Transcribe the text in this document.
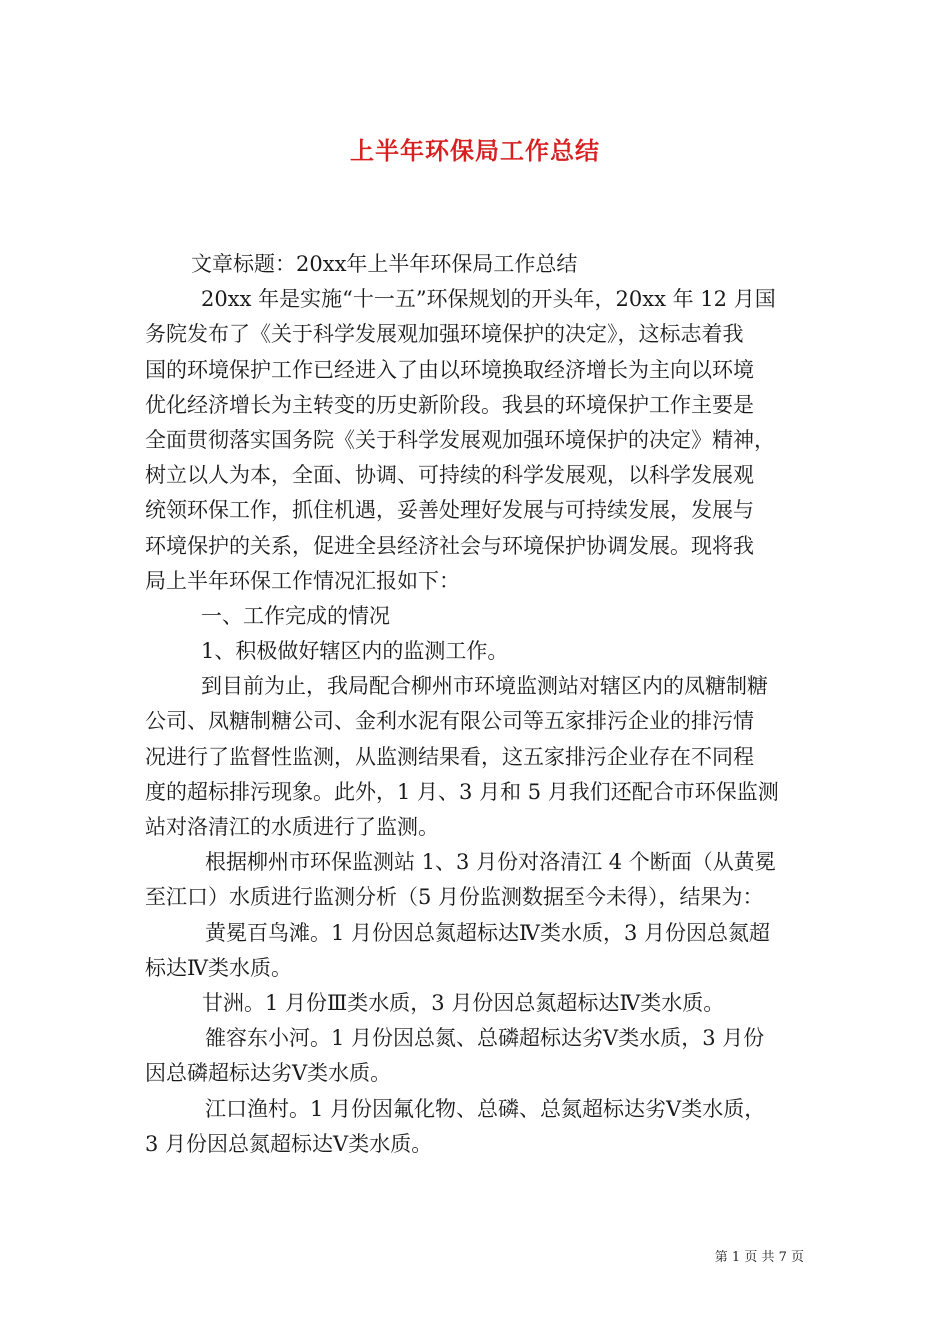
上半年环保局工作总结

文章标题：20xx年上半年环保局工作总结

20xx 年是实施“十一五”环保规划的开头年，20xx 年 12 月国

务院发布了《关于科学发展观加强环境保护的决定》，这标志着我

国的环境保护工作已经进入了由以环境换取经济增长为主向以环境

优化经济增长为主转变的历史新阶段。我县的环境保护工作主要是

全面贯彻落实国务院《关于科学发展观加强环境保护的决定》精神，

树立以人为本，全面、协调、可持续的科学发展观，以科学发展观

统领环保工作，抓住机遇，妥善处理好发展与可持续发展，发展与

环境保护的关系，促进全县经济社会与环境保护协调发展。现将我

局上半年环保工作情况汇报如下：

一、工作完成的情况

1、积极做好辖区内的监测工作。

到目前为止，我局配合柳州市环境监测站对辖区内的凤糖制糖

公司、凤糖制糖公司、金利水泥有限公司等五家排污企业的排污情

况进行了监督性监测，从监测结果看，这五家排污企业存在不同程

度的超标排污现象。此外，1 月、3 月和 5 月我们还配合市环保监测

站对洛清江的水质进行了监测。

根据柳州市环保监测站 1、3 月份对洛清江 4 个断面（从黄冕

至江口）水质进行监测分析（5 月份监测数据至今未得），结果为：

黄冕百鸟滩。1 月份因总氮超标达Ⅳ类水质，3 月份因总氮超

标达Ⅳ类水质。

甘洲。1 月份Ⅲ类水质，3 月份因总氮超标达Ⅳ类水质。

雒容东小河。1 月份因总氮、总磷超标达劣Ⅴ类水质，3 月份

因总磷超标达劣Ⅴ类水质。

江口渔村。1 月份因氟化物、总磷、总氮超标达劣Ⅴ类水质，

3 月份因总氮超标达Ⅴ类水质。

第 1 页 共 7 页
